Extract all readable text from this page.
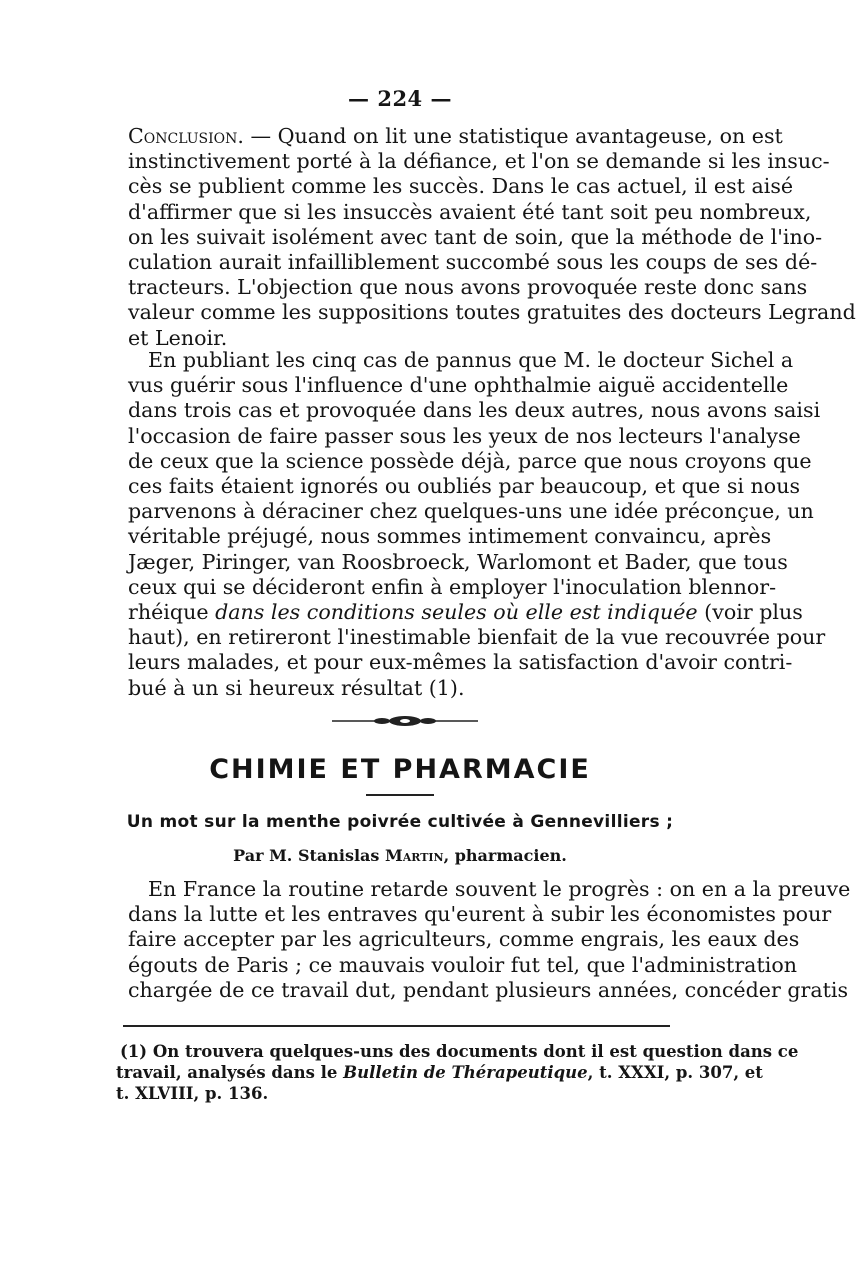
— 224 —
Conclusion. — Quand on lit une statistique avantageuse, on est
instinctivement porté à la défiance, et l'on se demande si les insuc-
cès se publient comme les succès. Dans le cas actuel, il est aisé
d'affirmer que si les insuccès avaient été tant soit peu nombreux,
on les suivait isolément avec tant de soin, que la méthode de l'ino-
culation aurait infailliblement succombé sous les coups de ses dé-
tracteurs. L'objection que nous avons provoquée reste donc sans
valeur comme les suppositions toutes gratuites des docteurs Legrand
et Lenoir.
En publiant les cinq cas de pannus que M. le docteur Sichel a
vus guérir sous l'influence d'une ophthalmie aiguë accidentelle
dans trois cas et provoquée dans les deux autres, nous avons saisi
l'occasion de faire passer sous les yeux de nos lecteurs l'analyse
de ceux que la science possède déjà, parce que nous croyons que
ces faits étaient ignorés ou oubliés par beaucoup, et que si nous
parvenons à déraciner chez quelques-uns une idée préconçue, un
véritable préjugé, nous sommes intimement convaincu, après
Jæger, Piringer, van Roosbroeck, Warlomont et Bader, que tous
ceux qui se décideront enfin à employer l'inoculation blennor-
rhéique dans les conditions seules où elle est indiquée (voir plus
haut), en retireront l'inestimable bienfait de la vue recouvrée pour
leurs malades, et pour eux-mêmes la satisfaction d'avoir contri-
bué à un si heureux résultat (1).
CHIMIE ET PHARMACIE
Un mot sur la menthe poivrée cultivée à Gennevilliers ;
Par M. Stanislas Martin, pharmacien.
En France la routine retarde souvent le progrès : on en a la preuve
dans la lutte et les entraves qu'eurent à subir les économistes pour
faire accepter par les agriculteurs, comme engrais, les eaux des
égouts de Paris ; ce mauvais vouloir fut tel, que l'administration
chargée de ce travail dut, pendant plusieurs années, concéder gratis
(1) On trouvera quelques-uns des documents dont il est question dans ce
travail, analysés dans le Bulletin de Thérapeutique, t. XXXI, p. 307, et
t. XLVIII, p. 136.
